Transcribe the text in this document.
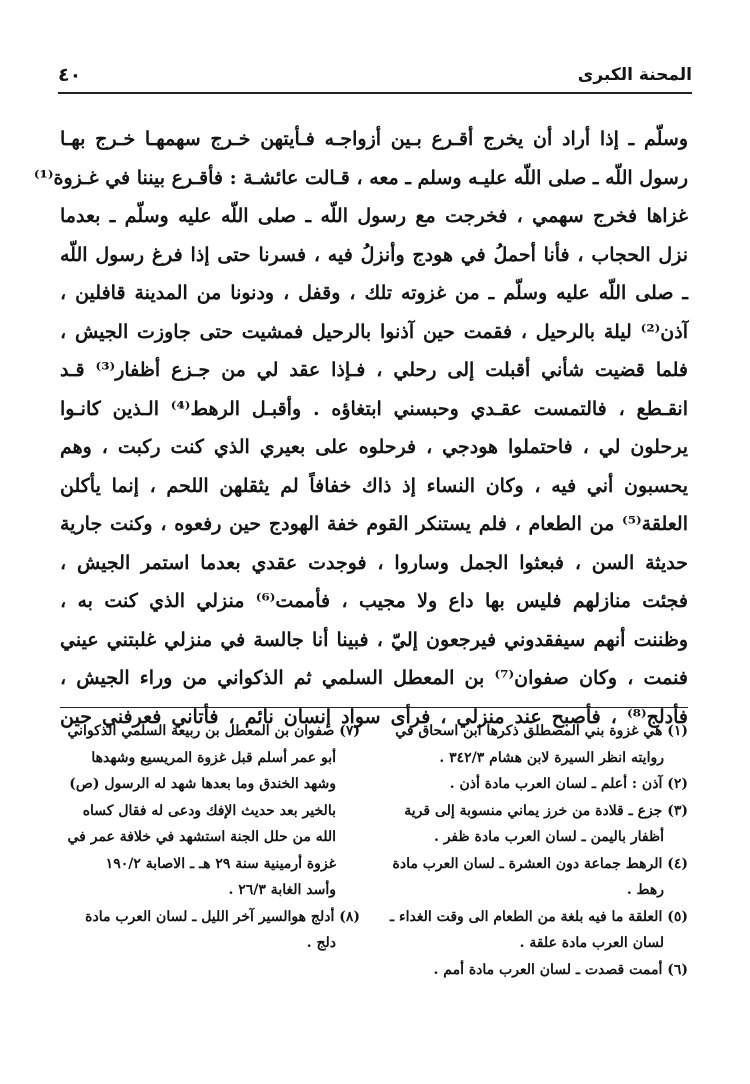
المحنة الكبرى
٤٠
وسلّم ـ إذا أراد أن يخرج أقـرع بـين أزواجـه فـأيتهن خـرج سهمهـا خـرج بهـا
رسول اللّه ـ صلى اللّه عليـه وسلم ـ معه ، قـالت عائشـة : فأقـرع بيننا في غـزوة⁽¹⁾
غزاها فخرج سهمي ، فخرجت مع رسول اللّه ـ صلى اللّه عليه وسلّم ـ بعدما
نزل الحجاب ، فأنا أحملُ في هودج وأنزلُ فيه ، فسرنا حتى إذا فرغ رسول اللّه
ـ صلى اللّه عليه وسلّم ـ من غزوته تلك ، وقفل ، ودنونا من المدينة قافلين ،
آذن⁽²⁾ ليلة بالرحيل ، فقمت حين آذنوا بالرحيل فمشيت حتى جاوزت الجيش ،
فلما قضيت شأني أقبلت إلى رحلي ، فـإذا عقد لي من جـزع أظفار⁽³⁾ قـد
انقـطع ، فالتمست عقـدي وحبسني ابتغاؤه . وأقبـل الرهط⁽⁴⁾ الـذين كانـوا
يرحلون لي ، فاحتملوا هودجي ، فرحلوه على بعيري الذي كنت ركبت ، وهم
يحسبون أني فيه ، وكان النساء إذ ذاك خفافاً لم يثقلهن اللحم ، إنما يأكلن
العلقة⁽⁵⁾ من الطعام ، فلم يستنكر القوم خفة الهودج حين رفعوه ، وكنت جارية
حديثة السن ، فبعثوا الجمل وساروا ، فوجدت عقدي بعدما استمر الجيش ،
فجئت منازلهم فليس بها داع ولا مجيب ، فأممت⁽⁶⁾ منزلي الذي كنت به ،
وظننت أنهم سيفقدوني فيرجعون إليّ ، فبينا أنا جالسة في منزلي غلبتني عيني
فنمت ، وكان صفوان⁽⁷⁾ بن المعطل السلمي ثم الذكواني من وراء الجيش ،
فأدلج⁽⁸⁾ ، فأصبح عند منزلي ، فرأى سواد إنسان نائم ، فأتاني فعرفني حين
(١) هي غزوة بني المصطلق ذكرها ابن اسحاق في
روايته انظر السيرة لابن هشام ٣٤٢/٣ .
(٢) آذن : أعلم ـ لسان العرب مادة أذن .
(٣) جزع ـ قلادة من خرز يماني منسوبة إلى قرية
أظفار باليمن ـ لسان العرب مادة ظفر .
(٤) الرهط جماعة دون العشرة ـ لسان العرب مادة
رهط .
(٥) العلقة ما فيه بلغة من الطعام الى وقت الغداء ـ
لسان العرب مادة علقة .
(٦) أممت قصدت ـ لسان العرب مادة أمم .
(٧) صفوان بن المعطل بن ربيعة السلمي الذكواني
أبو عمر أسلم قبل غزوة المريسيع وشهدها
وشهد الخندق وما بعدها شهد له الرسول (ص)
بالخير بعد حديث الإفك ودعى له فقال كساه
الله من حلل الجنة استشهد في خلافة عمر في
غزوة أرمينية سنة ٢٩ هـ ـ الاصابة ١٩٠/٢
وأسد الغابة ٢٦/٣ .
(٨) أدلج هوالسير آخر الليل ـ لسان العرب مادة
دلج .
